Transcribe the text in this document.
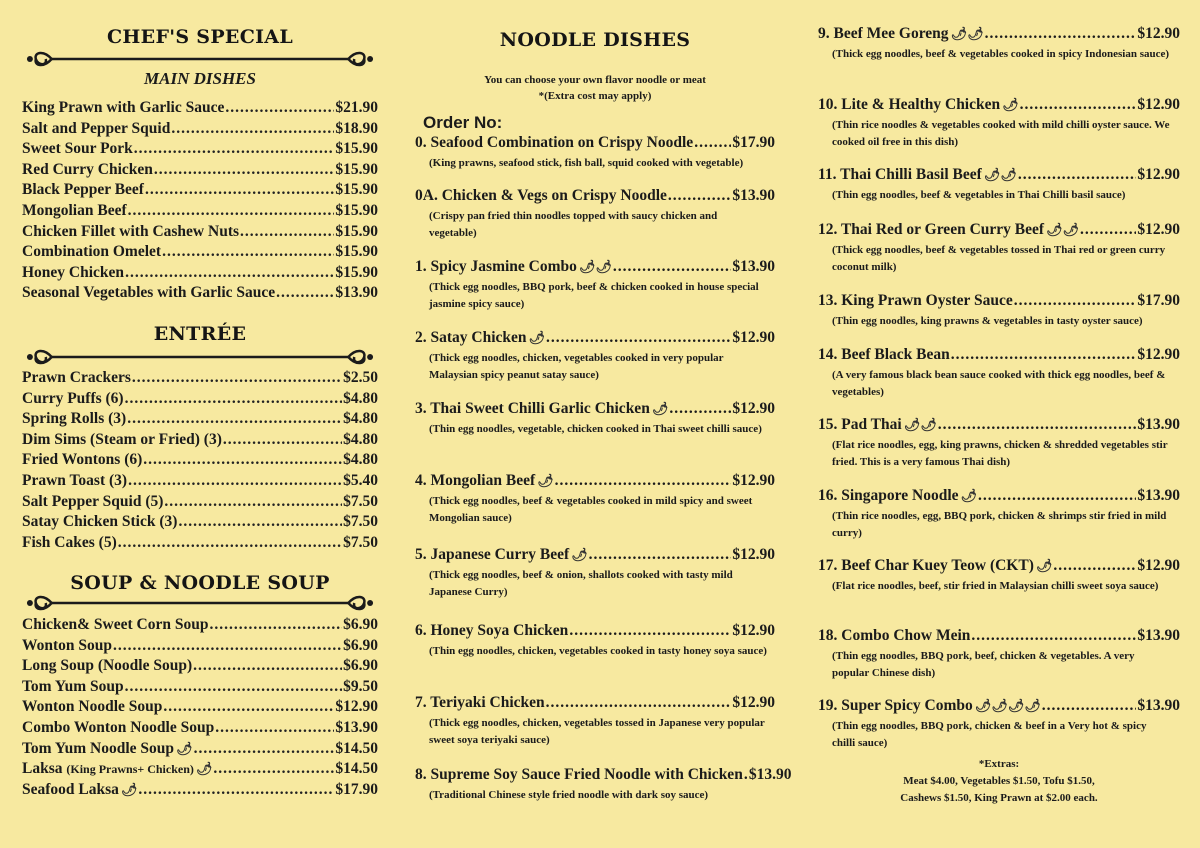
CHEF'S SPECIAL
MAIN DISHES
King Prawn with Garlic Sauce .....	$21.90
Salt and Pepper Squid .....	$18.90
Sweet Sour Pork .....	$15.90
Red Curry Chicken .....	$15.90
Black Pepper Beef .....	$15.90
Mongolian Beef .....	$15.90
Chicken Fillet with Cashew Nuts .....	$15.90
Combination Omelet .....	$15.90
Honey Chicken .....	$15.90
Seasonal Vegetables with Garlic Sauce .....	$13.90
ENTRÉE
Prawn Crackers .....	$2.50
Curry Puffs (6) .....	$4.80
Spring Rolls (3) .....	$4.80
Dim Sims (Steam or Fried) (3) .....	$4.80
Fried Wontons (6) .....	$4.80
Prawn Toast (3) .....	$5.40
Salt Pepper Squid (5) .....	$7.50
Satay Chicken Stick (3) .....	$7.50
Fish Cakes (5) .....	$7.50
SOUP & NOODLE SOUP
Chicken& Sweet Corn Soup .....	$6.90
Wonton Soup .....	$6.90
Long Soup (Noodle Soup) .....	$6.90
Tom Yum Soup .....	$9.50
Wonton Noodle Soup .....	$12.90
Combo Wonton Noodle Soup .....	$13.90
Tom Yum Noodle Soup 🌶 .....	$14.50
Laksa (King Prawns+ Chicken) 🌶 .....	$14.50
Seafood Laksa 🌶 .....	$17.90
NOODLE DISHES
You can choose your own flavor noodle or meat
*(Extra cost may apply)
Order No:
0. Seafood Combination on Crispy Noodle .....	$17.90
(King prawns, seafood stick, fish ball, squid cooked with vegetable)
0A. Chicken & Vegs on Crispy Noodle .....	$13.90
(Crispy pan fried thin noodles topped with saucy chicken and vegetable)
1. Spicy Jasmine Combo 🌶🌶 .....	$13.90
(Thick egg noodles, BBQ pork, beef & chicken cooked in house special jasmine spicy sauce)
2. Satay Chicken 🌶 .....	$12.90
(Thick egg noodles, chicken, vegetables cooked in very popular Malaysian spicy peanut satay sauce)
3. Thai Sweet Chilli Garlic Chicken 🌶 .....	$12.90
(Thin egg noodles, vegetable, chicken cooked in Thai sweet chilli sauce)
4. Mongolian Beef 🌶 .....	$12.90
(Thick egg noodles, beef & vegetables cooked in mild spicy and sweet Mongolian sauce)
5. Japanese Curry Beef 🌶 .....	$12.90
(Thick egg noodles, beef & onion, shallots cooked with tasty mild Japanese Curry)
6. Honey Soya Chicken .....	$12.90
(Thin egg noodles, chicken, vegetables cooked in tasty honey soya sauce)
7. Teriyaki Chicken .....	$12.90
(Thick egg noodles, chicken, vegetables tossed in Japanese very popular sweet soya teriyaki sauce)
8. Supreme Soy Sauce Fried Noodle with Chicken ..... $13.90
(Traditional Chinese style fried noodle with dark soy sauce)
9. Beef Mee Goreng 🌶🌶 .....	$12.90
(Thick egg noodles, beef & vegetables cooked in spicy Indonesian sauce)
10. Lite & Healthy Chicken 🌶 .....	$12.90
(Thin rice noodles & vegetables cooked with mild chilli oyster sauce. We cooked oil free in this dish)
11. Thai Chilli Basil Beef 🌶🌶 .....	$12.90
(Thin egg noodles, beef & vegetables in Thai Chilli basil sauce)
12. Thai Red or Green Curry Beef 🌶🌶 .....	$12.90
(Thick egg noodles, beef & vegetables tossed in Thai red or green curry coconut milk)
13. King Prawn Oyster Sauce .....	$17.90
(Thin egg noodles, king prawns & vegetables in tasty oyster sauce)
14. Beef Black Bean .....	$12.90
(A very famous black bean sauce cooked with thick egg noodles, beef & vegetables)
15. Pad Thai 🌶🌶 .....	$13.90
(Flat rice noodles, egg, king prawns, chicken & shredded vegetables stir fried. This is a very famous Thai dish)
16. Singapore Noodle 🌶 .....	$13.90
(Thin rice noodles, egg, BBQ pork, chicken & shrimps stir fried in mild curry)
17. Beef Char Kuey Teow (CKT) 🌶 .....	$12.90
(Flat rice noodles, beef, stir fried in Malaysian chilli sweet soya sauce)
18. Combo Chow Mein .....	$13.90
(Thin egg noodles, BBQ pork, beef, chicken & vegetables. A very popular Chinese dish)
19. Super Spicy Combo 🌶🌶🌶🌶 .....	$13.90
(Thin egg noodles, BBQ pork, chicken & beef in a Very hot & spicy chilli sauce)
*Extras:
Meat $4.00, Vegetables $1.50, Tofu $1.50,
Cashews $1.50, King Prawn at $2.00 each.
